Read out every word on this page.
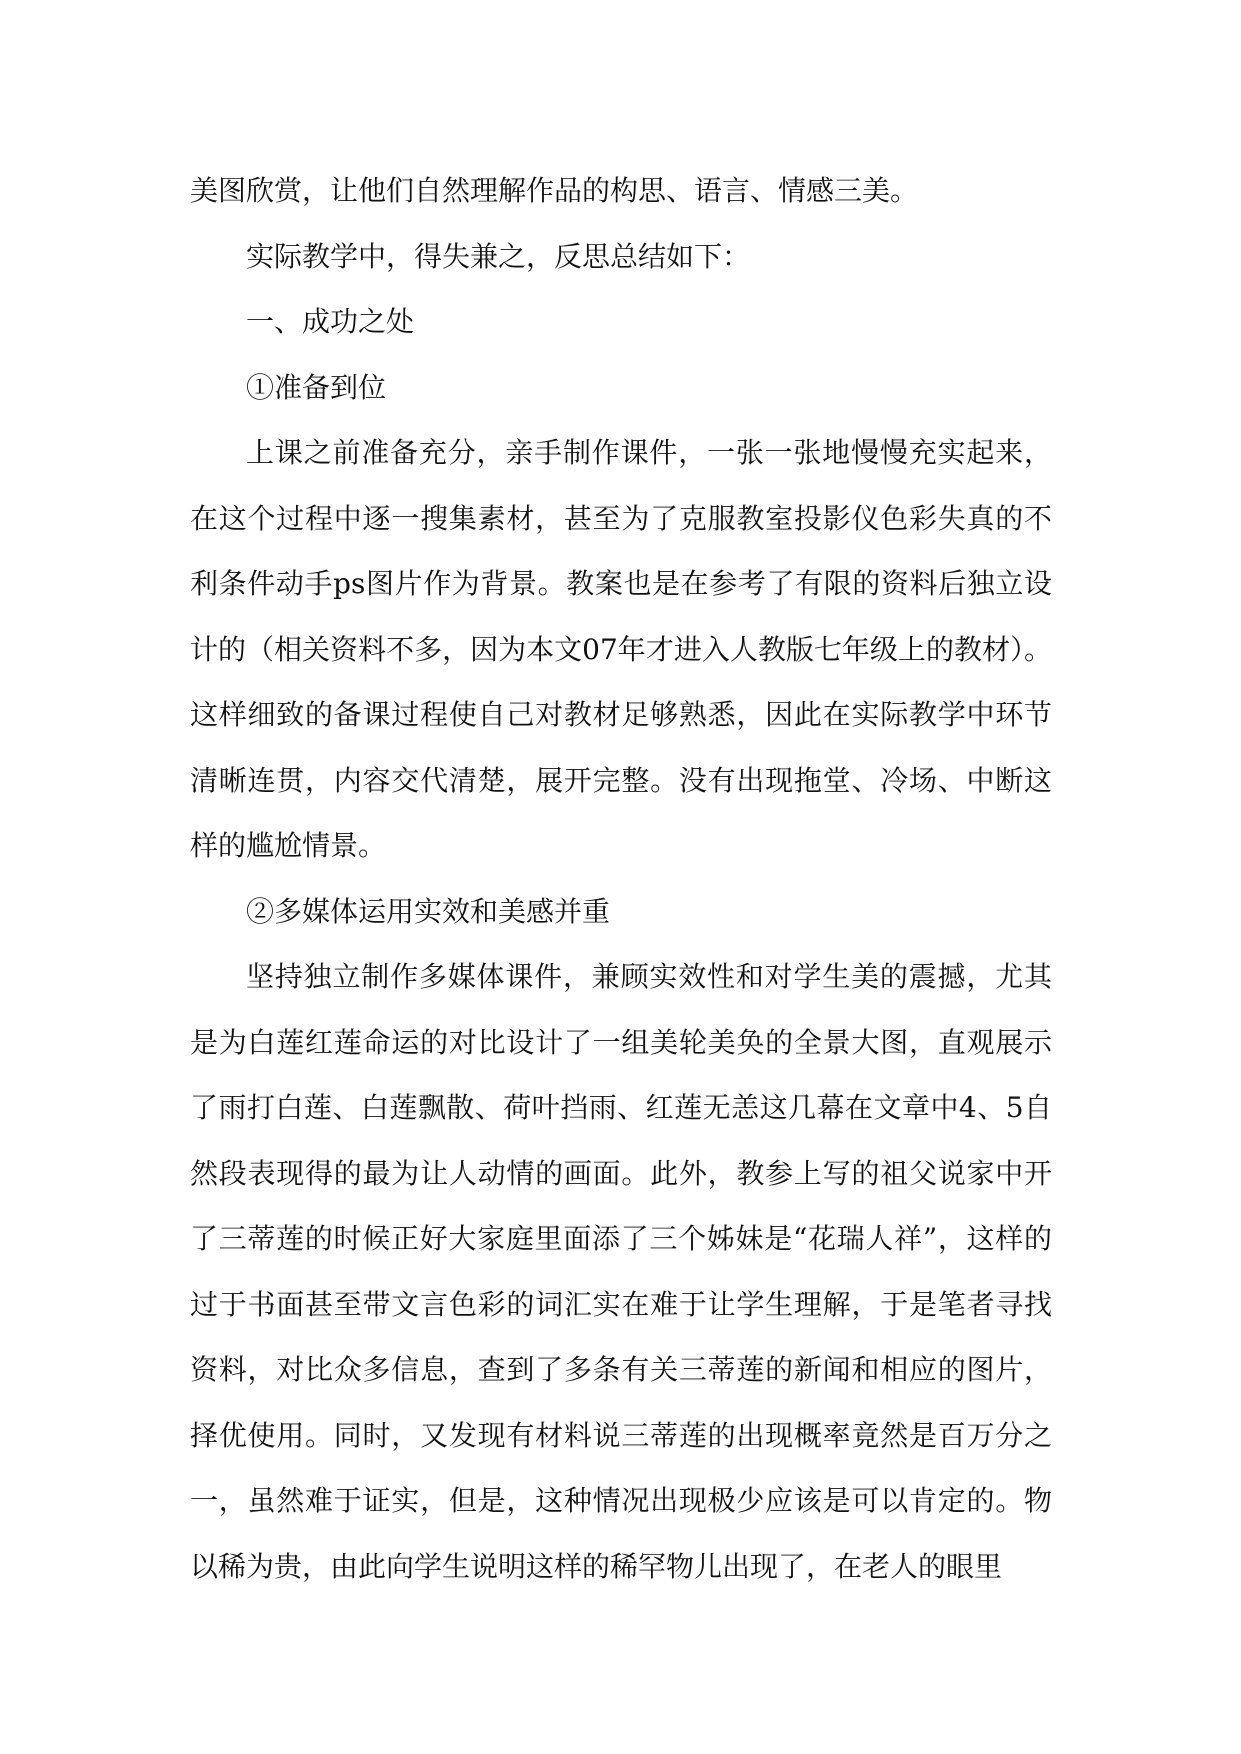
美图欣赏，让他们自然理解作品的构思、语言、情感三美。

实际教学中，得失兼之，反思总结如下：

一、成功之处

①准备到位

上课之前准备充分，亲手制作课件，一张一张地慢慢充实起来，在这个过程中逐一搜集素材，甚至为了克服教室投影仪色彩失真的不利条件动手ps图片作为背景。教案也是在参考了有限的资料后独立设计的（相关资料不多，因为本文07年才进入人教版七年级上的教材）。这样细致的备课过程使自己对教材足够熟悉，因此在实际教学中环节清晰连贯，内容交代清楚，展开完整。没有出现拖堂、冷场、中断这样的尴尬情景。

②多媒体运用实效和美感并重

坚持独立制作多媒体课件，兼顾实效性和对学生美的震撼，尤其是为白莲红莲命运的对比设计了一组美轮美奂的全景大图，直观展示了雨打白莲、白莲飘散、荷叶挡雨、红莲无恙这几幕在文章中4、5自然段表现得的最为让人动情的画面。此外，教参上写的祖父说家中开了三蒂莲的时候正好大家庭里面添了三个姊妹是“花瑞人祥”，这样的过于书面甚至带文言色彩的词汇实在难于让学生理解，于是笔者寻找资料，对比众多信息，查到了多条有关三蒂莲的新闻和相应的图片，择优使用。同时，又发现有材料说三蒂莲的出现概率竟然是百万分之一，虽然难于证实，但是，这种情况出现极少应该是可以肯定的。物以稀为贵，由此向学生说明这样的稀罕物儿出现了，在老人的眼里
